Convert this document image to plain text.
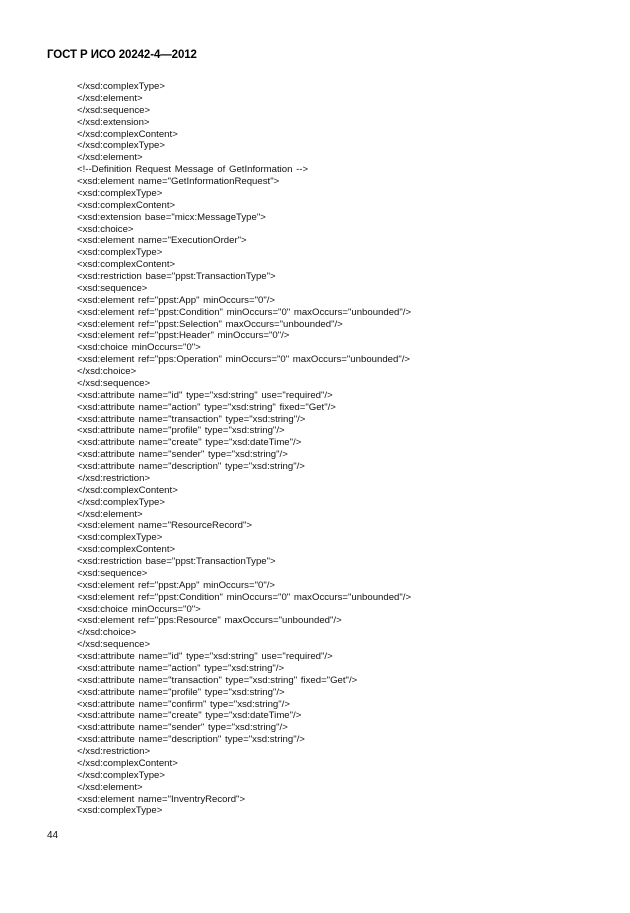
ГОСТ Р ИСО 20242-4—2012
</xsd:complexType>
</xsd:element>
</xsd:sequence>
</xsd:extension>
</xsd:complexContent>
</xsd:complexType>
</xsd:element>
<!--Definition Request Message of GetInformation -->
<xsd:element name="GetInformationRequest">
<xsd:complexType>
<xsd:complexContent>
<xsd:extension base="micx:MessageType">
<xsd:choice>
<xsd:element name="ExecutionOrder">
<xsd:complexType>
<xsd:complexContent>
<xsd:restriction base="ppst:TransactionType">
<xsd:sequence>
<xsd:element ref="ppst:App" minOccurs="0"/>
<xsd:element ref="ppst:Condition" minOccurs="0" maxOccurs="unbounded"/>
<xsd:element ref="ppst:Selection" maxOccurs="unbounded"/>
<xsd:element ref="ppst:Header" minOccurs="0"/>
<xsd:choice minOccurs="0">
<xsd:element ref="pps:Operation" minOccurs="0" maxOccurs="unbounded"/>
</xsd:choice>
</xsd:sequence>
<xsd:attribute name="id" type="xsd:string" use="required"/>
<xsd:attribute name="action" type="xsd:string" fixed="Get"/>
<xsd:attribute name="transaction" type="xsd:string"/>
<xsd:attribute name="profile" type="xsd:string"/>
<xsd:attribute name="create" type="xsd:dateTime"/>
<xsd:attribute name="sender" type="xsd:string"/>
<xsd:attribute name="description" type="xsd:string"/>
</xsd:restriction>
</xsd:complexContent>
</xsd:complexType>
</xsd:element>
<xsd:element name="ResourceRecord">
<xsd:complexType>
<xsd:complexContent>
<xsd:restriction base="ppst:TransactionType">
<xsd:sequence>
<xsd:element ref="ppst:App" minOccurs="0"/>
<xsd:element ref="ppst:Condition" minOccurs="0" maxOccurs="unbounded"/>
<xsd:choice minOccurs="0">
<xsd:element ref="pps:Resource" maxOccurs="unbounded"/>
</xsd:choice>
</xsd:sequence>
<xsd:attribute name="id" type="xsd:string" use="required"/>
<xsd:attribute name="action" type="xsd:string"/>
<xsd:attribute name="transaction" type="xsd:string" fixed="Get"/>
<xsd:attribute name="profile" type="xsd:string"/>
<xsd:attribute name="confirm" type="xsd:string"/>
<xsd:attribute name="create" type="xsd:dateTime"/>
<xsd:attribute name="sender" type="xsd:string"/>
<xsd:attribute name="description" type="xsd:string"/>
</xsd:restriction>
</xsd:complexContent>
</xsd:complexType>
</xsd:element>
<xsd:element name="InventryRecord">
<xsd:complexType>
44
